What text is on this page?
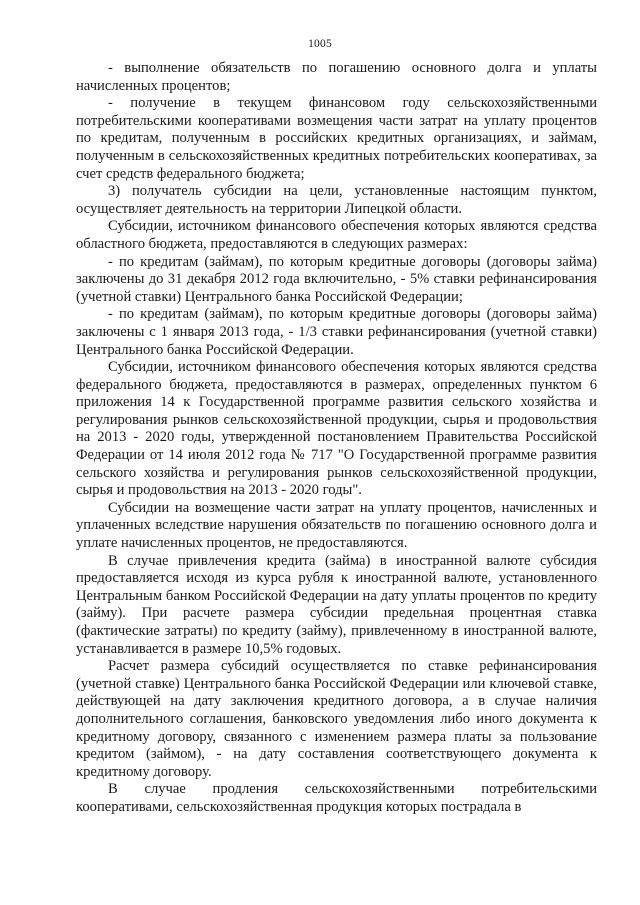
1005

- выполнение обязательств по погашению основного долга и уплаты начисленных процентов;

- получение в текущем финансовом году сельскохозяйственными потребительскими кооперативами возмещения части затрат на уплату процентов по кредитам, полученным в российских кредитных организациях, и займам, полученным в сельскохозяйственных кредитных потребительских кооперативах, за счет средств федерального бюджета;

3) получатель субсидии на цели, установленные настоящим пунктом, осуществляет деятельность на территории Липецкой области.

Субсидии, источником финансового обеспечения которых являются средства областного бюджета, предоставляются в следующих размерах:

- по кредитам (займам), по которым кредитные договоры (договоры займа) заключены до 31 декабря 2012 года включительно, - 5% ставки рефинансирования (учетной ставки) Центрального банка Российской Федерации;

- по кредитам (займам), по которым кредитные договоры (договоры займа) заключены с 1 января 2013 года, - 1/3 ставки рефинансирования (учетной ставки) Центрального банка Российской Федерации.

Субсидии, источником финансового обеспечения которых являются средства федерального бюджета, предоставляются в размерах, определенных пунктом 6 приложения 14 к Государственной программе развития сельского хозяйства и регулирования рынков сельскохозяйственной продукции, сырья и продовольствия на 2013 - 2020 годы, утвержденной постановлением Правительства Российской Федерации от 14 июля 2012 года № 717 "О Государственной программе развития сельского хозяйства и регулирования рынков сельскохозяйственной продукции, сырья и продовольствия на 2013 - 2020 годы".

Субсидии на возмещение части затрат на уплату процентов, начисленных и уплаченных вследствие нарушения обязательств по погашению основного долга и уплате начисленных процентов, не предоставляются.

В случае привлечения кредита (займа) в иностранной валюте субсидия предоставляется исходя из курса рубля к иностранной валюте, установленного Центральным банком Российской Федерации на дату уплаты процентов по кредиту (займу). При расчете размера субсидии предельная процентная ставка (фактические затраты) по кредиту (займу), привлеченному в иностранной валюте, устанавливается в размере 10,5% годовых.

Расчет размера субсидий осуществляется по ставке рефинансирования (учетной ставке) Центрального банка Российской Федерации или ключевой ставке, действующей на дату заключения кредитного договора, а в случае наличия дополнительного соглашения, банковского уведомления либо иного документа к кредитному договору, связанного с изменением размера платы за пользование кредитом (займом), - на дату составления соответствующего документа к кредитному договору.

В случае продления сельскохозяйственными потребительскими кооперативами, сельскохозяйственная продукция которых пострадала в
